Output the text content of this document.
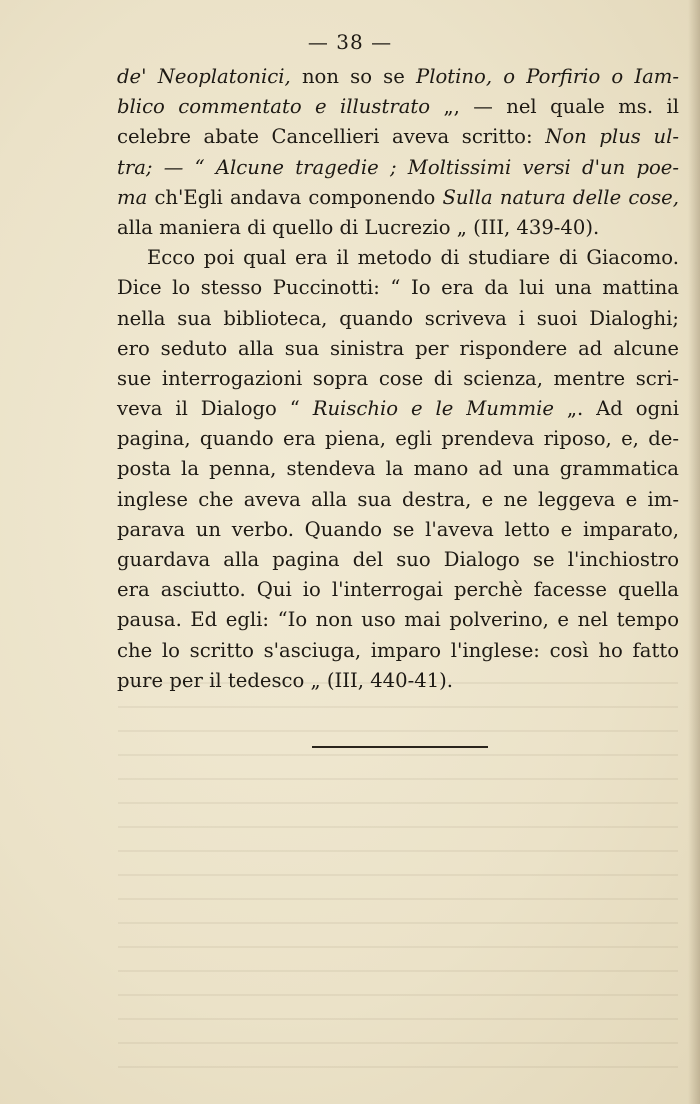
— 38 —
de' Neoplatonici, non so se Plotino, o Porfirio o Iam-
blico commentato e illustrato „, — nel quale ms. il
celebre abate Cancellieri aveva scritto: Non plus ul-
tra; — “ Alcune tragedie ; Moltissimi versi d'un poe-
ma ch'Egli andava componendo Sulla natura delle cose,
alla maniera di quello di Lucrezio „ (III, 439-40).
Ecco poi qual era il metodo di studiare di Giacomo.
Dice lo stesso Puccinotti: “ Io era da lui una mattina
nella sua biblioteca, quando scriveva i suoi Dialoghi;
ero seduto alla sua sinistra per rispondere ad alcune
sue interrogazioni sopra cose di scienza, mentre scri-
veva il Dialogo “ Ruischio e le Mummie „. Ad ogni
pagina, quando era piena, egli prendeva riposo, e, de-
posta la penna, stendeva la mano ad una grammatica
inglese che aveva alla sua destra, e ne leggeva e im-
parava un verbo. Quando se l'aveva letto e imparato,
guardava alla pagina del suo Dialogo se l'inchiostro
era asciutto. Qui io l'interrogai perchè facesse quella
pausa. Ed egli: “Io non uso mai polverino, e nel tempo
che lo scritto s'asciuga, imparo l'inglese: così ho fatto
pure per il tedesco „ (III, 440-41).
